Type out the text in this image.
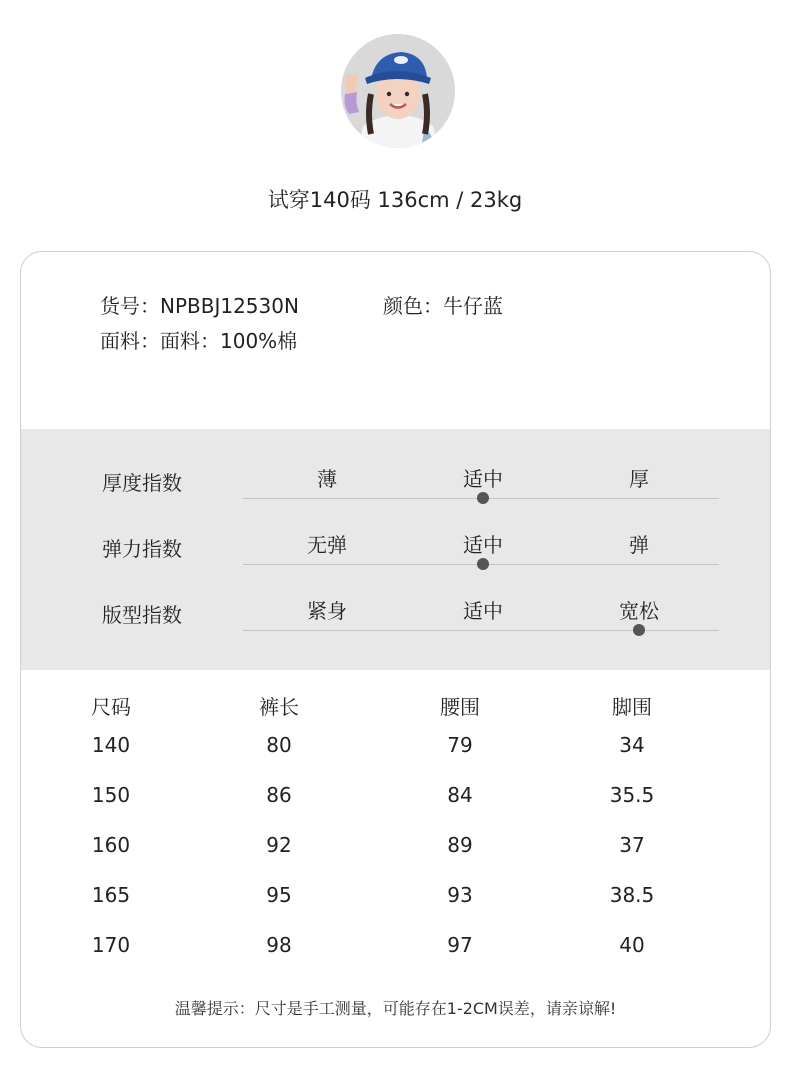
试穿140码 136cm / 23kg
货号：NPBBJ12530N	颜色：牛仔蓝
面料：面料：100%棉
厚度指数	薄	适中	厚
弹力指数	无弹	适中	弹
版型指数	紧身	适中	宽松
尺码	裤长	腰围	脚围
140	80	79	34
150	86	84	35.5
160	92	89	37
165	95	93	38.5
170	98	97	40
温馨提示：尺寸是手工测量，可能存在1-2CM误差，请亲谅解!
